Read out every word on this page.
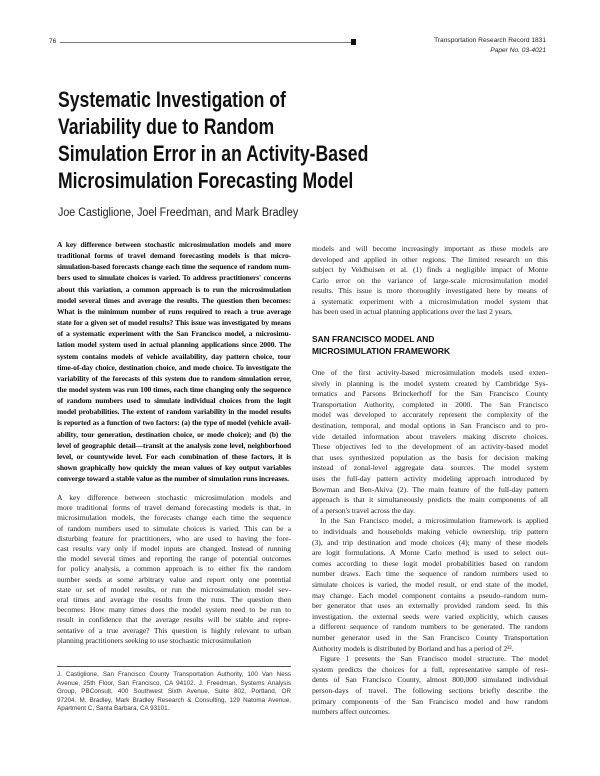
76	Transportation Research Record 1831
Paper No. 03-4021
Systematic Investigation of
Variability due to Random
Simulation Error in an Activity-Based
Microsimulation Forecasting Model
Joe Castiglione, Joel Freedman, and Mark Bradley
A key difference between stochastic microsimulation models and more
traditional forms of travel demand forecasting models is that micro-
simulation-based forecasts change each time the sequence of random num-
bers used to simulate choices is varied. To address practitioners' concerns
about this variation, a common approach is to run the microsimulation
model several times and average the results. The question then becomes:
What is the minimum number of runs required to reach a true average
state for a given set of model results? This issue was investigated by means
of a systematic experiment with the San Francisco model, a microsimu-
lation model system used in actual planning applications since 2000. The
system contains models of vehicle availability, day pattern choice, tour
time-of-day choice, destination choice, and mode choice. To investigate the
variability of the forecasts of this system due to random simulation error,
the model system was run 100 times, each time changing only the sequence
of random numbers used to simulate individual choices from the logit
model probabilities. The extent of random variability in the model results
is reported as a function of two factors: (a) the type of model (vehicle avail-
ability, tour generation, destination choice, or mode choice); and (b) the
level of geographic detail—transit at the analysis zone level, neighborhood
level, or countywide level. For each combination of these factors, it is
shown graphically how quickly the mean values of key output variables
converge toward a stable value as the number of simulation runs increases.
A key difference between stochastic microsimulation models and
more traditional forms of travel demand forecasting models is that, in
microsimulation models, the forecasts change each time the sequence
of random numbers used to simulate choices is varied. This can be a
disturbing feature for practitioners, who are used to having the fore-
cast results vary only if model inputs are changed. Instead of running
the model several times and reporting the range of potential outcomes
for policy analysis, a common approach is to either fix the random
number seeds at some arbitrary value and report only one potential
state or set of model results, or run the microsimulation model sev-
eral times and average the results from the runs. The question then
becomes: How many times does the model system need to be run to
result in confidence that the average results will be stable and repre-
sentative of a true average? This question is highly relevant to urban
planning practitioners seeking to use stochastic microsimulation
J. Castiglione, San Francisco County Transportation Authority, 100 Van Ness
Avenue, 25th Floor, San Francisco, CA 94102. J. Freedman, Systems Analysis
Group, PBConsult, 400 Southwest Sixth Avenue, Suite 802, Portland, OR
97204. M. Bradley, Mark Bradley Research & Consulting, 129 Natoma Avenue,
Apartment C, Santa Barbara, CA 93101.
models and will become increasingly important as these models are
developed and applied in other regions. The limited research on this
subject by Veldhuisen et al. (1) finds a negligible impact of Monte
Carlo error on the variance of large-scale microsimulation model
results. This issue is more thoroughly investigated here by means of
a systematic experiment with a microsimulation model system that
has been used in actual planning applications over the last 2 years.
SAN FRANCISCO MODEL AND
MICROSIMULATION FRAMEWORK
One of the first activity-based microsimulation models used exten-
sively in planning is the model system created by Cambridge Sys-
tematics and Parsons Brinckerhoff for the San Francisco County
Transportation Authority, completed in 2000. The San Francisco
model was developed to accurately represent the complexity of the
destination, temporal, and modal options in San Francisco and to pro-
vide detailed information about travelers making discrete choices.
These objectives led to the development of an activity-based model
that uses synthesized population as the basis for decision making
instead of zonal-level aggregate data sources. The model system
uses the full-day pattern activity modeling approach introduced by
Bowman and Ben-Akiva (2). The main feature of the full-day pattern
approach is that it simultaneously predicts the main components of all
of a person's travel across the day.
In the San Francisco model, a microsimulation framework is applied
to individuals and households making vehicle ownership, trip pattern
(3), and trip destination and mode choices (4); many of these models
are logit formulations. A Monte Carlo method is used to select out-
comes according to these logit model probabilities based on random
number draws. Each time the sequence of random numbers used to
simulate choices is varied, the model result, or end state of the model,
may change. Each model component contains a pseudo–random num-
ber generator that uses an externally provided random seed. In this
investigation, the external seeds were varied explicitly, which causes
a different sequence of random numbers to be generated. The random
number generator used in the San Francisco County Transportation
Authority models is distributed by Borland and has a period of 2³².
Figure 1 presents the San Francisco model structure. The model
system predicts the choices for a full, representative sample of resi-
dents of San Francisco County, almost 800,000 simulated individual
person-days of travel. The following sections briefly describe the
primary components of the San Francisco model and how random
numbers affect outcomes.
